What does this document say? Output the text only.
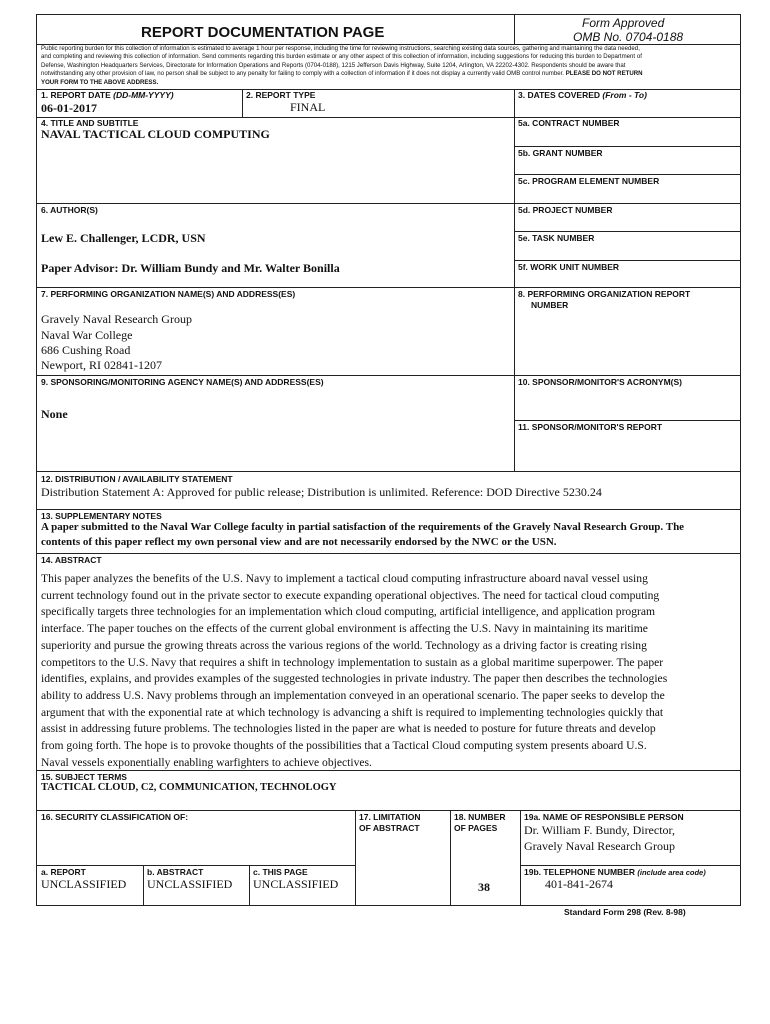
REPORT DOCUMENTATION PAGE
Form Approved
OMB No. 0704-0188
Public reporting burden for this collection of information is estimated to average 1 hour per response, including the time for reviewing instructions, searching existing data sources, gathering and maintaining the data needed,
and completing and reviewing this collection of information. Send comments regarding this burden estimate or any other aspect of this collection of information, including suggestions for reducing this burden to Department of
Defense, Washington Headquarters Services, Directorate for Information Operations and Reports (0704-0188), 1215 Jefferson Davis Highway, Suite 1204, Arlington, VA 22202-4302. Respondents should be aware that
notwithstanding any other provision of law, no person shall be subject to any penalty for failing to comply with a collection of information if it does not display a currently valid OMB control number. PLEASE DO NOT RETURN
YOUR FORM TO THE ABOVE ADDRESS.
1. REPORT DATE (DD-MM-YYYY)
06-01-2017
2. REPORT TYPE
FINAL
3. DATES COVERED (From - To)
4. TITLE AND SUBTITLE
NAVAL TACTICAL CLOUD COMPUTING
5a. CONTRACT NUMBER
5b. GRANT NUMBER
5c. PROGRAM ELEMENT NUMBER
6. AUTHOR(S)
Lew E. Challenger, LCDR, USN
Paper Advisor: Dr. William Bundy and Mr. Walter Bonilla
5d. PROJECT NUMBER
5e. TASK NUMBER
5f. WORK UNIT NUMBER
7. PERFORMING ORGANIZATION NAME(S) AND ADDRESS(ES)
Gravely Naval Research Group
Naval War College
686 Cushing Road
Newport, RI 02841-1207
8. PERFORMING ORGANIZATION REPORT
NUMBER
9. SPONSORING/MONITORING AGENCY NAME(S) AND ADDRESS(ES)
None
10. SPONSOR/MONITOR'S ACRONYM(S)
11. SPONSOR/MONITOR'S REPORT
12. DISTRIBUTION / AVAILABILITY STATEMENT
Distribution Statement A: Approved for public release; Distribution is unlimited. Reference: DOD Directive 5230.24
13. SUPPLEMENTARY NOTES
A paper submitted to the Naval War College faculty in partial satisfaction of the requirements of the Gravely Naval Research Group. The
contents of this paper reflect my own personal view and are not necessarily endorsed by the NWC or the USN.
14. ABSTRACT
This paper analyzes the benefits of the U.S. Navy to implement a tactical cloud computing infrastructure aboard naval vessel using
current technology found out in the private sector to execute expanding operational objectives. The need for tactical cloud computing
specifically targets three technologies for an implementation which cloud computing, artificial intelligence, and application program
interface. The paper touches on the effects of the current global environment is affecting the U.S. Navy in maintaining its maritime
superiority and pursue the growing threats across the various regions of the world. Technology as a driving factor is creating rising
competitors to the U.S. Navy that requires a shift in technology implementation to sustain as a global maritime superpower. The paper
identifies, explains, and provides examples of the suggested technologies in private industry. The paper then describes the technologies
ability to address U.S. Navy problems through an implementation conveyed in an operational scenario. The paper seeks to develop the
argument that with the exponential rate at which technology is advancing a shift is required to implementing technologies quickly that
assist in addressing future problems. The technologies listed in the paper are what is needed to posture for future threats and develop
from going forth. The hope is to provoke thoughts of the possibilities that a Tactical Cloud computing system presents aboard U.S.
Naval vessels exponentially enabling warfighters to achieve objectives.
15. SUBJECT TERMS
TACTICAL CLOUD, C2, COMMUNICATION, TECHNOLOGY
16. SECURITY CLASSIFICATION OF:	17. LIMITATION
OF ABSTRACT
18. NUMBER
OF PAGES
19a. NAME OF RESPONSIBLE PERSON
Dr. William F. Bundy, Director,
Gravely Naval Research Group
a. REPORT
UNCLASSIFIED
b. ABSTRACT
UNCLASSIFIED
c. THIS PAGE
UNCLASSIFIED	38
19b. TELEPHONE NUMBER (include area code)
401-841-2674
Standard Form 298 (Rev. 8-98)
